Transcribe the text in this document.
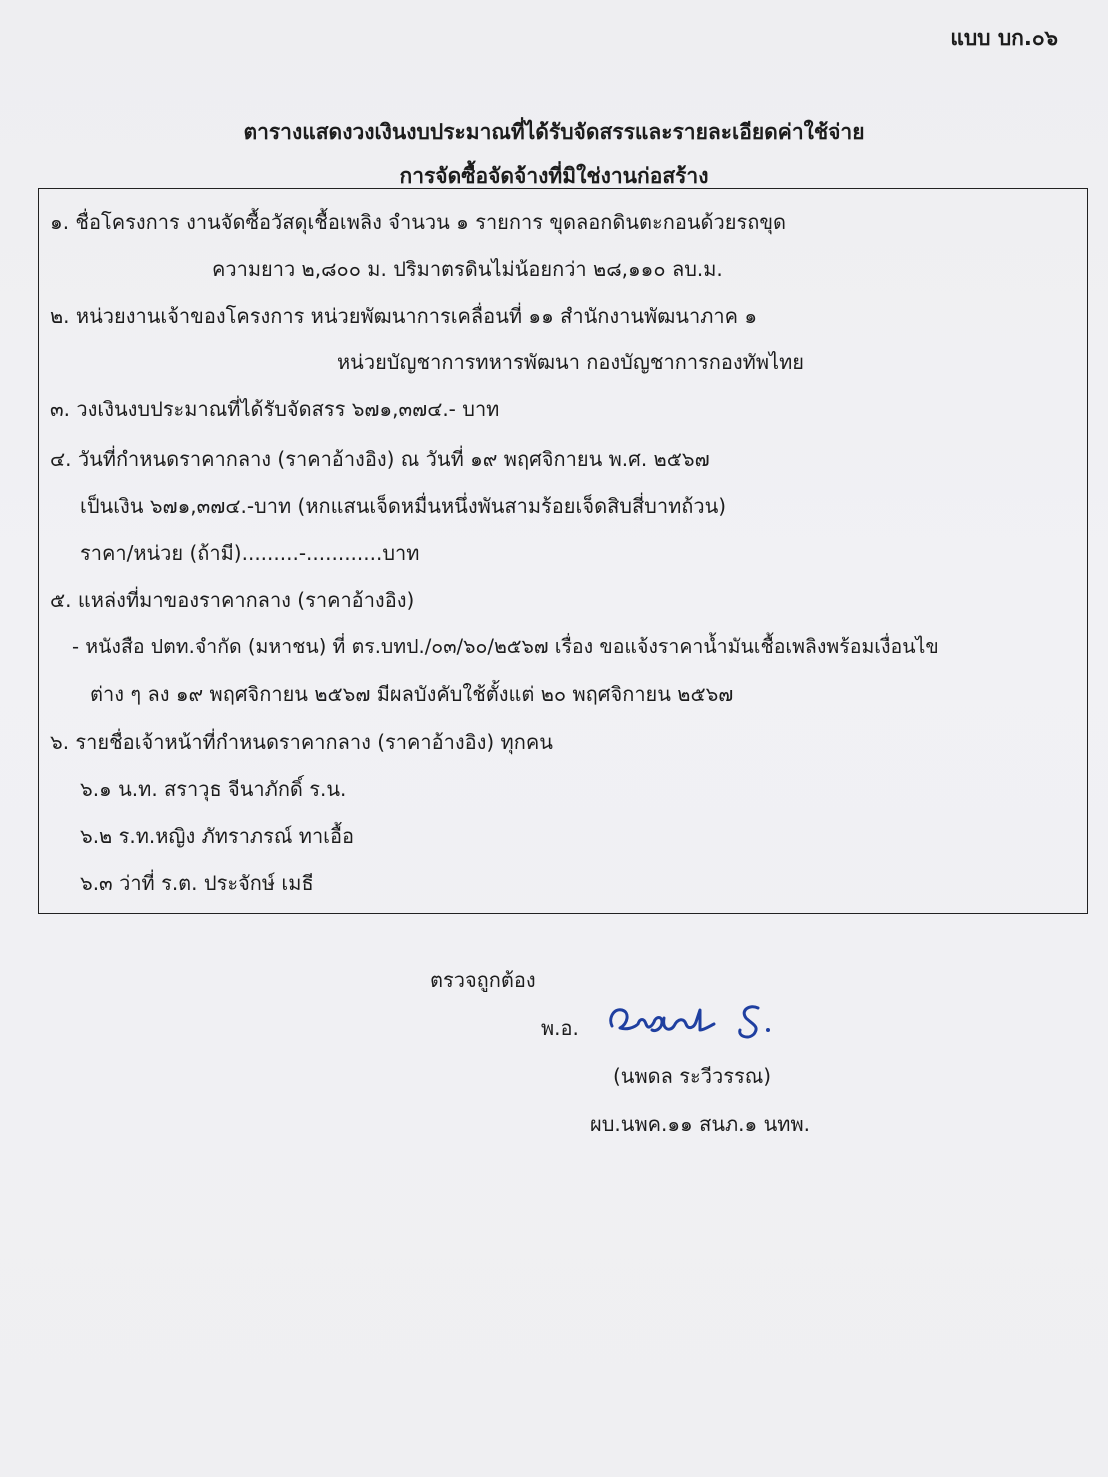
แบบ บก.๐๖
ตารางแสดงวงเงินงบประมาณที่ได้รับจัดสรรและรายละเอียดค่าใช้จ่าย
การจัดซื้อจัดจ้างที่มิใช่งานก่อสร้าง
๑. ชื่อโครงการ งานจัดซื้อวัสดุเชื้อเพลิง จำนวน ๑ รายการ ขุดลอกดินตะกอนด้วยรถขุด
ความยาว ๒,๘๐๐ ม. ปริมาตรดินไม่น้อยกว่า ๒๘,๑๑๐ ลบ.ม.
๒. หน่วยงานเจ้าของโครงการ หน่วยพัฒนาการเคลื่อนที่ ๑๑ สำนักงานพัฒนาภาค ๑
หน่วยบัญชาการทหารพัฒนา กองบัญชาการกองทัพไทย
๓. วงเงินงบประมาณที่ได้รับจัดสรร ๖๗๑,๓๗๔.- บาท
๔. วันที่กำหนดราคากลาง (ราคาอ้างอิง) ณ วันที่ ๑๙ พฤศจิกายน พ.ศ. ๒๕๖๗
เป็นเงิน ๖๗๑,๓๗๔.-บาท (หกแสนเจ็ดหมื่นหนึ่งพันสามร้อยเจ็ดสิบสี่บาทถ้วน)
ราคา/หน่วย (ถ้ามี).........-............บาท
๕. แหล่งที่มาของราคากลาง (ราคาอ้างอิง)
- หนังสือ ปตท.จำกัด (มหาชน) ที่ ตร.บทป./๐๓/๖๐/๒๕๖๗ เรื่อง ขอแจ้งราคาน้ำมันเชื้อเพลิงพร้อมเงื่อนไข
ต่าง ๆ ลง ๑๙ พฤศจิกายน ๒๕๖๗ มีผลบังคับใช้ตั้งแต่ ๒๐ พฤศจิกายน ๒๕๖๗
๖. รายชื่อเจ้าหน้าที่กำหนดราคากลาง (ราคาอ้างอิง) ทุกคน
๖.๑ น.ท. สราวุธ จีนาภักดิ์ ร.น.
๖.๒ ร.ท.หญิง ภัทราภรณ์ ทาเอื้อ
๖.๓ ว่าที่ ร.ต. ประจักษ์ เมธี
ตรวจถูกต้อง
พ.อ.
(นพดล ระวีวรรณ)
ผบ.นพค.๑๑ สนภ.๑ นทพ.
